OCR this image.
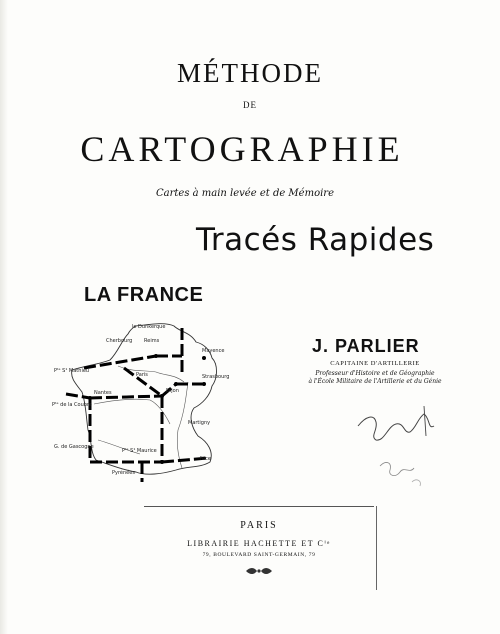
MÉTHODE
DE
CARTOGRAPHIE
Cartes à main levée et de Mémoire
Tracés Rapides
LA FRANCE
J. PARLIER
CAPITAINE D'ARTILLERIE
Professeur d'Histoire et de Géographie
à l'École Militaire de l'Artillerie et du Génie
le Dunkerque
Cherbourg Reims
Mayence
Paris
Pᵗᵉ S¹ Mathieu
Strasbourg
Nantes	Dijon
Pᵗᵉ de la Coubre
Martigny
G. de Gascogne
Pᵗᵉ S¹ Maurice
Pyrénées
Nice
PARIS
LIBRAIRIE HACHETTE ET Cⁱᵉ
79, BOULEVARD SAINT-GERMAIN, 79
